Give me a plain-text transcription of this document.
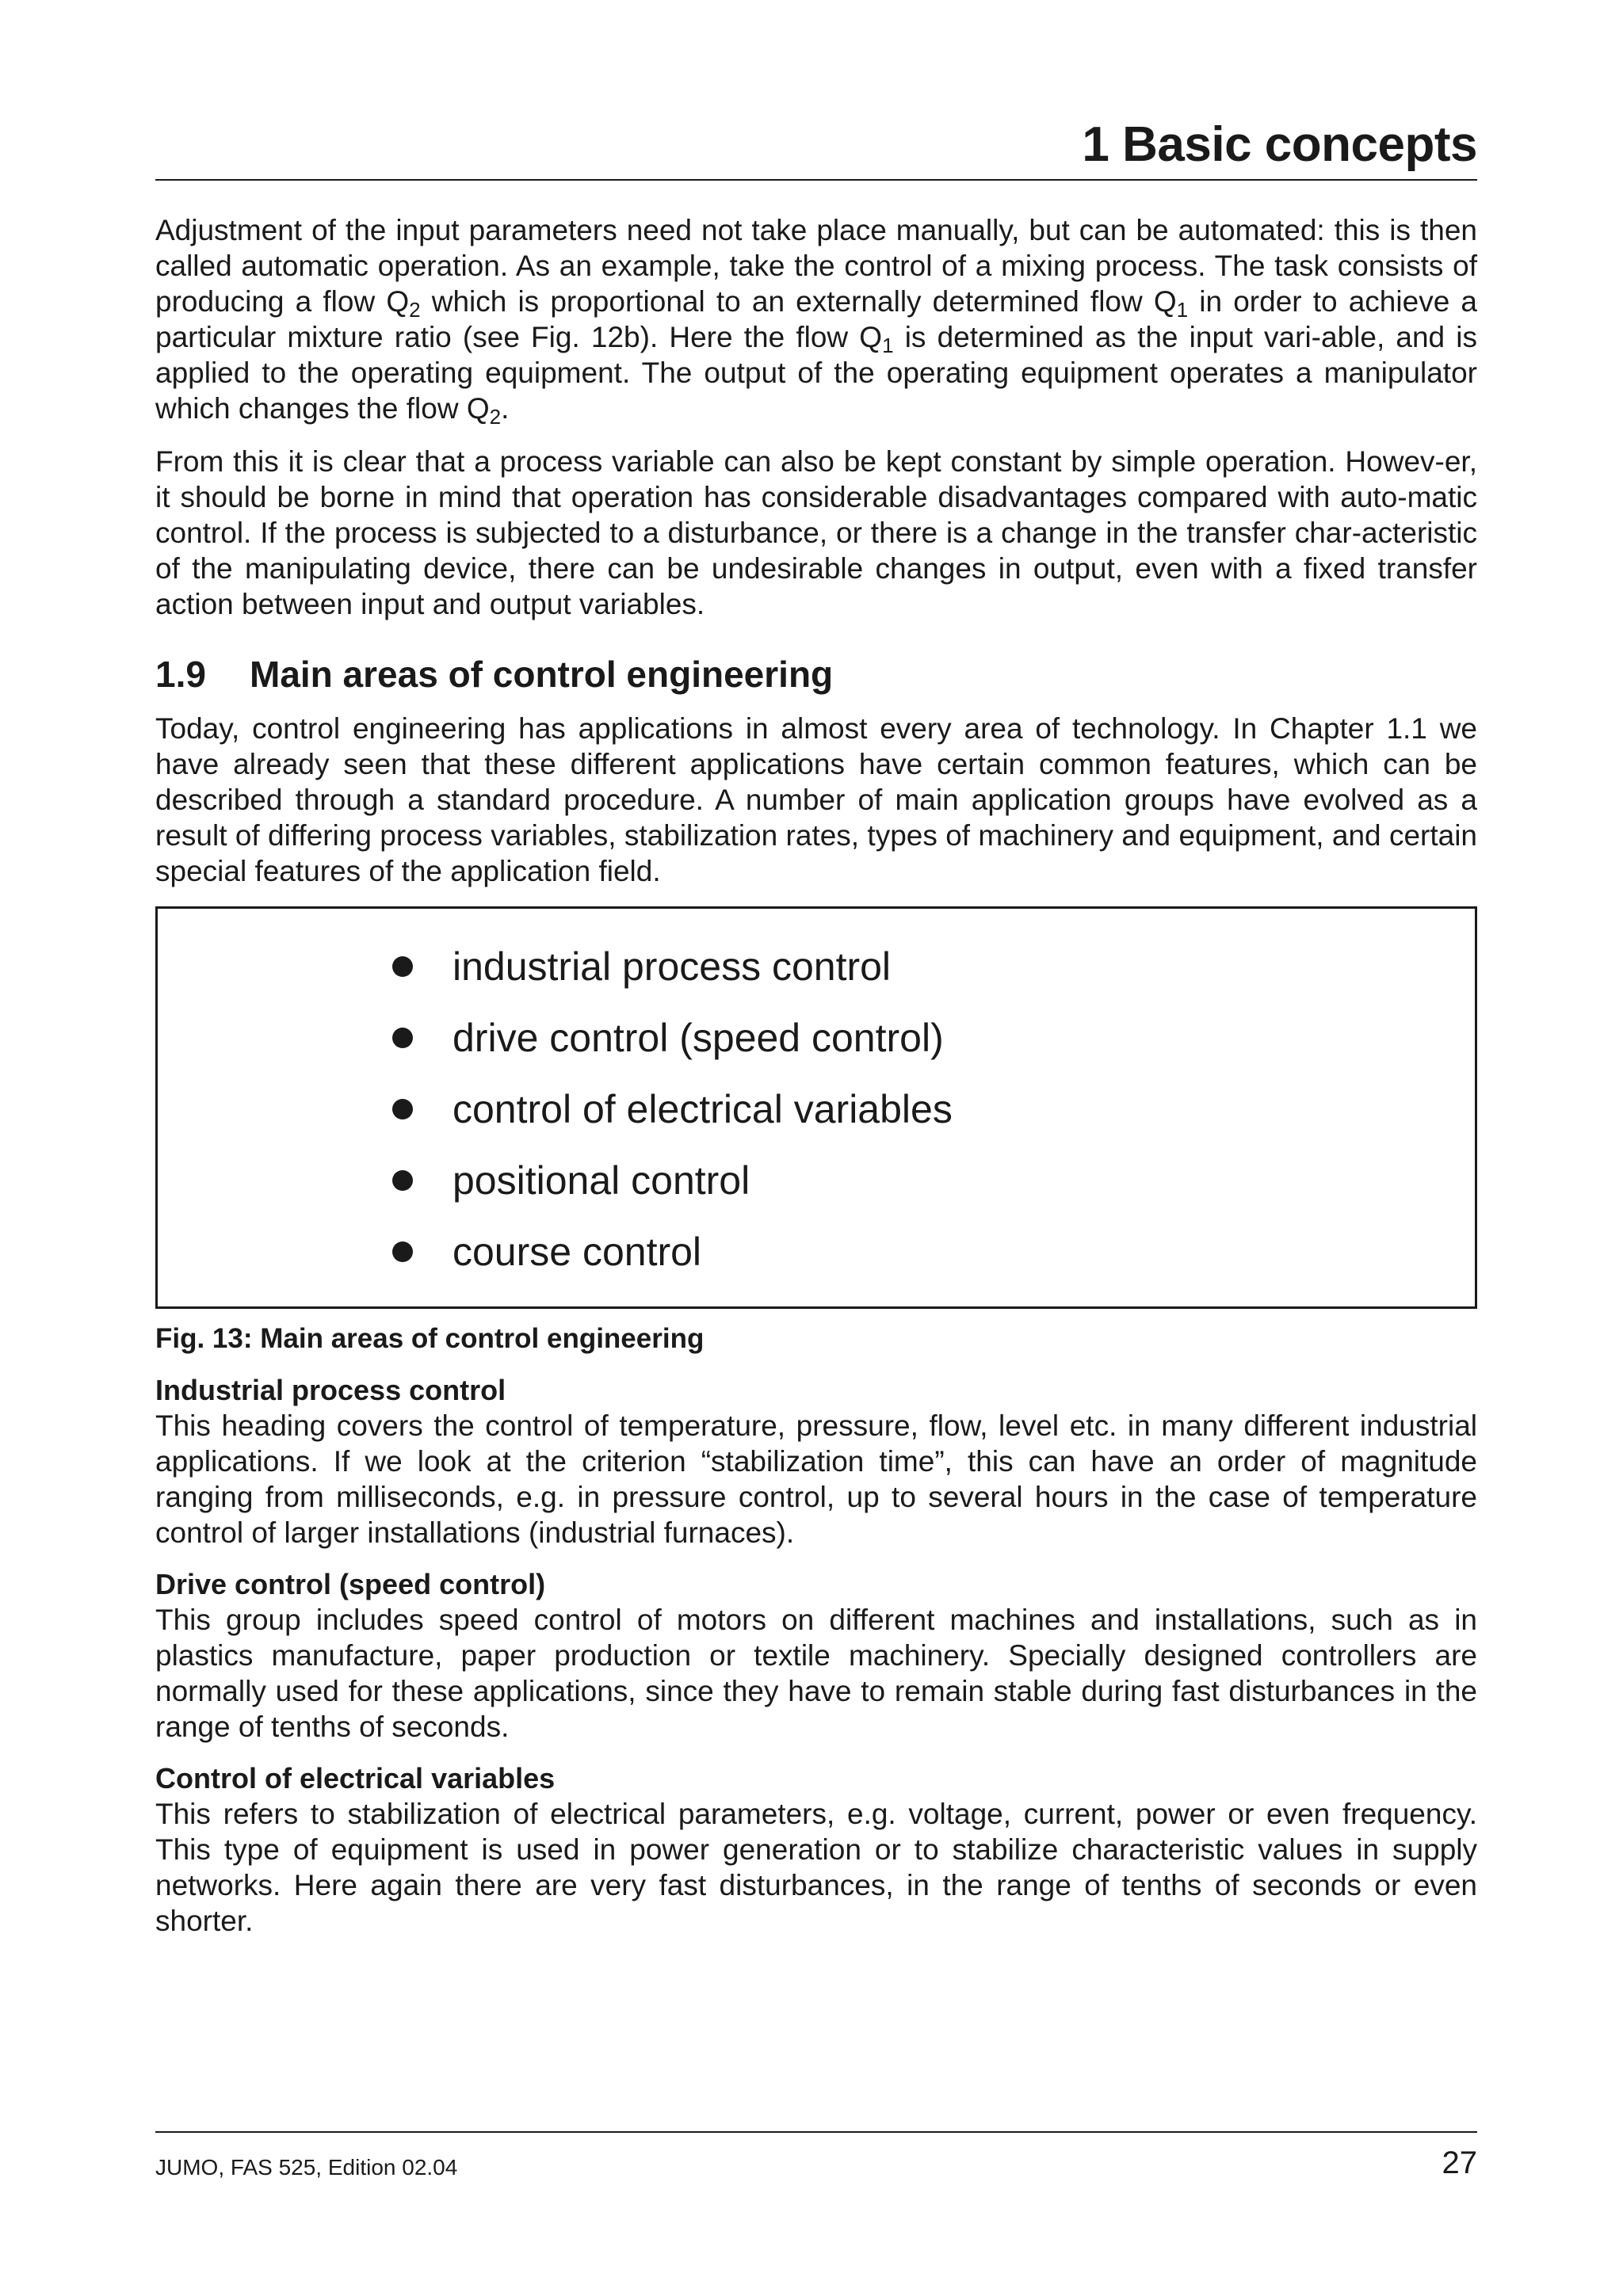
1 Basic concepts

Adjustment of the input parameters need not take place manually, but can be automated: this is then called automatic operation. As an example, take the control of a mixing process. The task consists of producing a flow $Q_2$ which is proportional to an externally determined flow $Q_1$ in order to achieve a particular mixture ratio (see Fig. 12b). Here the flow $Q_1$ is determined as the input vari-able, and is applied to the operating equipment. The output of the operating equipment operates a manipulator which changes the flow $Q_2$.

From this it is clear that a process variable can also be kept constant by simple operation. Howev-er, it should be borne in mind that operation has considerable disadvantages compared with auto-matic control. If the process is subjected to a disturbance, or there is a change in the transfer char-acteristic of the manipulating device, there can be undesirable changes in output, even with a fixed transfer action between input and output variables.

1.9	Main areas of control engineering

Today, control engineering has applications in almost every area of technology. In Chapter 1.1 we have already seen that these different applications have certain common features, which can be described through a standard procedure. A number of main application groups have evolved as a result of differing process variables, stabilization rates, types of machinery and equipment, and certain special features of the application field.

industrial process control
drive control (speed control)
control of electrical variables
positional control
course control
Fig. 13: Main areas of control engineering
Industrial process control

This heading covers the control of temperature, pressure, flow, level etc. in many different industrial applications. If we look at the criterion “stabilization time”, this can have an order of magnitude ranging from milliseconds, e.g. in pressure control, up to several hours in the case of temperature control of larger installations (industrial furnaces).

Drive control (speed control)

This group includes speed control of motors on different machines and installations, such as in plastics manufacture, paper production or textile machinery. Specially designed controllers are normally used for these applications, since they have to remain stable during fast disturbances in the range of tenths of seconds.

Control of electrical variables

This refers to stabilization of electrical parameters, e.g. voltage, current, power or even frequency. This type of equipment is used in power generation or to stabilize characteristic values in supply networks. Here again there are very fast disturbances, in the range of tenths of seconds or even shorter.

JUMO, FAS 525, Edition 02.04	27
